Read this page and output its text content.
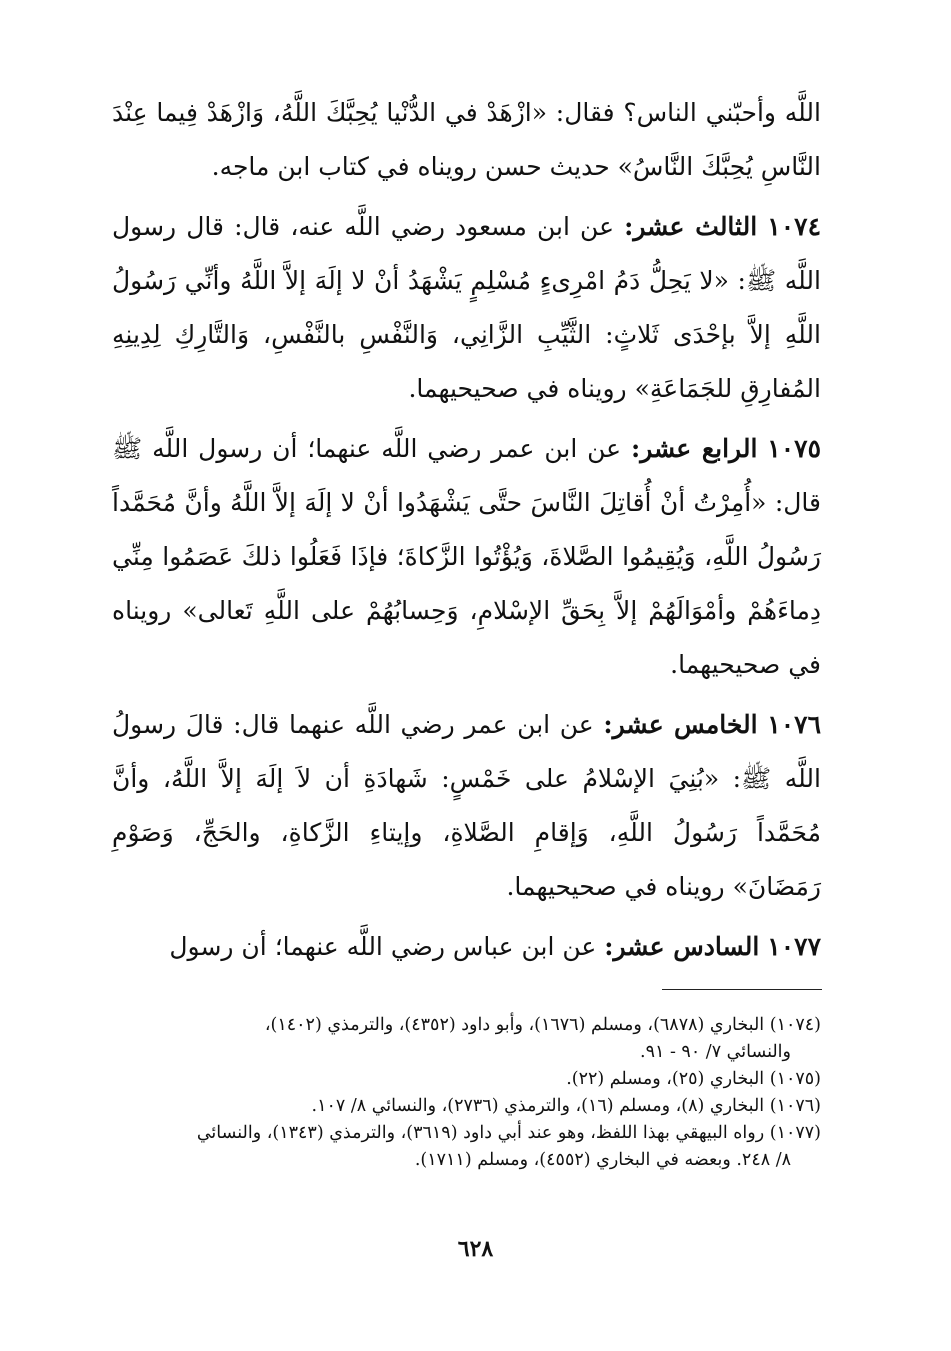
اللَّه وأحبّني الناس؟ فقال: «ازْهَدْ في الدُّنْيا يُحِبَّكَ اللَّهُ، وَازْهَدْ فِيما عِنْدَ النَّاسِ يُحِبَّكَ النَّاسُ» حديث حسن رويناه في كتاب ابن ماجه.

١٠٧٤ الثالث عشر: عن ابن مسعود رضي اللَّه عنه، قال: قال رسول اللَّه ﷺ: «لا يَحِلُّ دَمُ امْرِىءٍ مُسْلِمٍ يَشْهَدُ أنْ لا إلَهَ إلاَّ اللَّهُ وأنِّي رَسُولُ اللَّهِ إلاَّ بإحْدَى ثَلاثٍ: الثَّيِّبِ الزَّانِي، وَالنَّفْسِ بالنَّفْسِ، وَالتَّارِكِ لِدِينِهِ المُفارِقِ للجَمَاعَةِ» رويناه في صحيحيهما.

١٠٧٥ الرابع عشر: عن ابن عمر رضي اللَّه عنهما؛ أن رسول اللَّه ﷺ قال: «أُمِرْتُ أنْ أُقاتِلَ النَّاسَ حتَّى يَشْهَدُوا أنْ لا إلَهَ إلاَّ اللَّهُ وأنَّ مُحَمَّداً رَسُولُ اللَّهِ، وَيُقِيمُوا الصَّلاةَ، وَيُؤْتُوا الزَّكاةَ؛ فإذَا فَعَلُوا ذلكَ عَصَمُوا مِنِّي دِماءَهُمْ وأمْوَالَهُمْ إلاَّ بِحَقِّ الإسْلامِ، وَحِسابُهُمْ على اللَّهِ تَعالى» رويناه في صحيحيهما.

١٠٧٦ الخامس عشر: عن ابن عمر رضي اللَّه عنهما قال: قالَ رسولُ اللَّه ﷺ: «بُنِيَ الإسْلامُ على خَمْسٍ: شَهادَةِ أن لاَ إلَهَ إلاَّ اللَّهُ، وأنَّ مُحَمَّداً رَسُولُ اللَّهِ، وَإقامِ الصَّلاةِ، وإيتاءِ الزَّكاةِ، والحَجِّ، وَصَوْمِ رَمَضَانَ» رويناه في صحيحيهما.

١٠٧٧ السادس عشر: عن ابن عباس رضي اللَّه عنهما؛ أن رسول

(١٠٧٤) البخاري (٦٨٧٨)، ومسلم (١٦٧٦)، وأبو داود (٤٣٥٢)، والترمذي (١٤٠٢)،
والنسائي ٧/ ٩٠ - ٩١.

(١٠٧٥) البخاري (٢٥)، ومسلم (٢٢).

(١٠٧٦) البخاري (٨)، ومسلم (١٦)، والترمذي (٢٧٣٦)، والنسائي ٨/ ١٠٧.

(١٠٧٧) رواه البيهقي بهذا اللفظ، وهو عند أبي داود (٣٦١٩)، والترمذي (١٣٤٣)، والنسائي
٨/ ٢٤٨. وبعضه في البخاري (٤٥٥٢)، ومسلم (١٧١١).

٦٢٨
